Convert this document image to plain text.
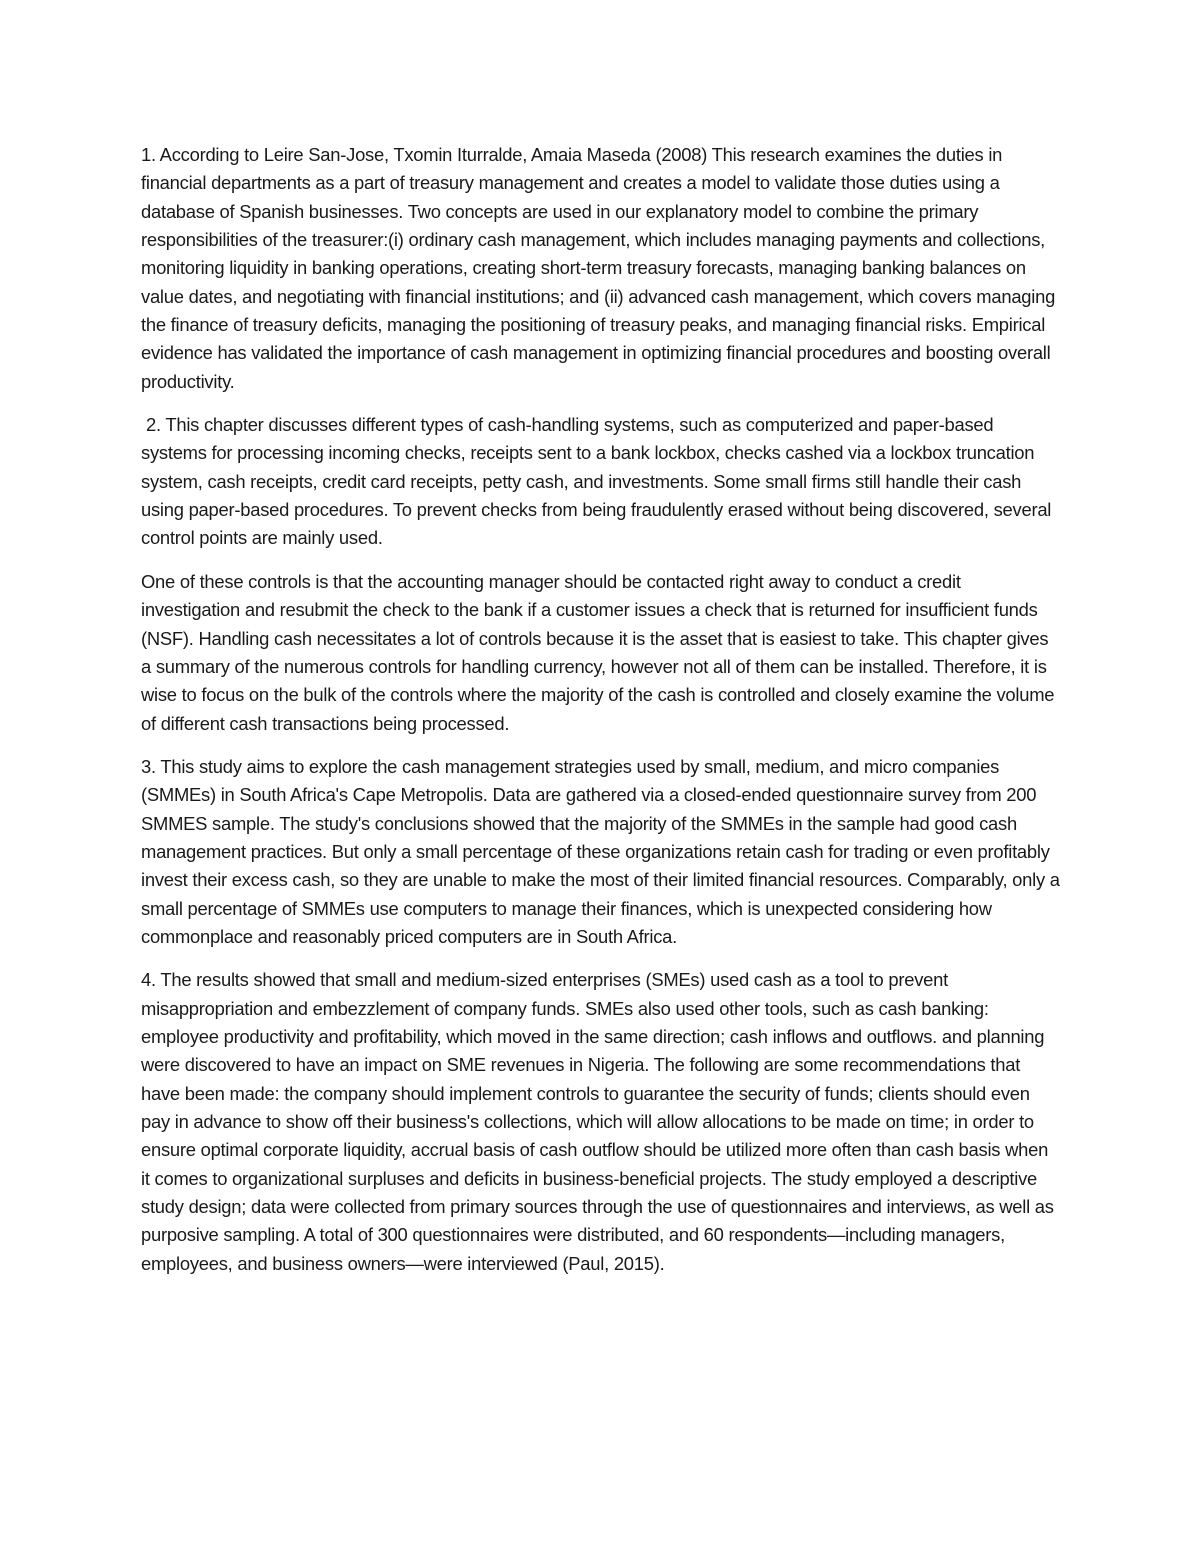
1. According to Leire San-Jose, Txomin Iturralde, Amaia Maseda (2008) This research examines the duties in financial departments as a part of treasury management and creates a model to validate those duties using a database of Spanish businesses. Two concepts are used in our explanatory model to combine the primary responsibilities of the treasurer:(i) ordinary cash management, which includes managing payments and collections, monitoring liquidity in banking operations, creating short-term treasury forecasts, managing banking balances on value dates, and negotiating with financial institutions; and (ii) advanced cash management, which covers managing the finance of treasury deficits, managing the positioning of treasury peaks, and managing financial risks. Empirical evidence has validated the importance of cash management in optimizing financial procedures and boosting overall productivity.

2. This chapter discusses different types of cash-handling systems, such as computerized and paper-based systems for processing incoming checks, receipts sent to a bank lockbox, checks cashed via a lockbox truncation system, cash receipts, credit card receipts, petty cash, and investments. Some small firms still handle their cash using paper-based procedures. To prevent checks from being fraudulently erased without being discovered, several control points are mainly used.

One of these controls is that the accounting manager should be contacted right away to conduct a credit investigation and resubmit the check to the bank if a customer issues a check that is returned for insufficient funds (NSF). Handling cash necessitates a lot of controls because it is the asset that is easiest to take. This chapter gives a summary of the numerous controls for handling currency, however not all of them can be installed. Therefore, it is wise to focus on the bulk of the controls where the majority of the cash is controlled and closely examine the volume of different cash transactions being processed.

3. This study aims to explore the cash management strategies used by small, medium, and micro companies (SMMEs) in South Africa's Cape Metropolis. Data are gathered via a closed-ended questionnaire survey from 200 SMMES sample. The study's conclusions showed that the majority of the SMMEs in the sample had good cash management practices. But only a small percentage of these organizations retain cash for trading or even profitably invest their excess cash, so they are unable to make the most of their limited financial resources. Comparably, only a small percentage of SMMEs use computers to manage their finances, which is unexpected considering how commonplace and reasonably priced computers are in South Africa.

4. The results showed that small and medium-sized enterprises (SMEs) used cash as a tool to prevent misappropriation and embezzlement of company funds. SMEs also used other tools, such as cash banking: employee productivity and profitability, which moved in the same direction; cash inflows and outflows. and planning were discovered to have an impact on SME revenues in Nigeria. The following are some recommendations that have been made: the company should implement controls to guarantee the security of funds; clients should even pay in advance to show off their business's collections, which will allow allocations to be made on time; in order to ensure optimal corporate liquidity, accrual basis of cash outflow should be utilized more often than cash basis when it comes to organizational surpluses and deficits in business-beneficial projects. The study employed a descriptive study design; data were collected from primary sources through the use of questionnaires and interviews, as well as purposive sampling. A total of 300 questionnaires were distributed, and 60 respondents—including managers, employees, and business owners—were interviewed (Paul, 2015).
